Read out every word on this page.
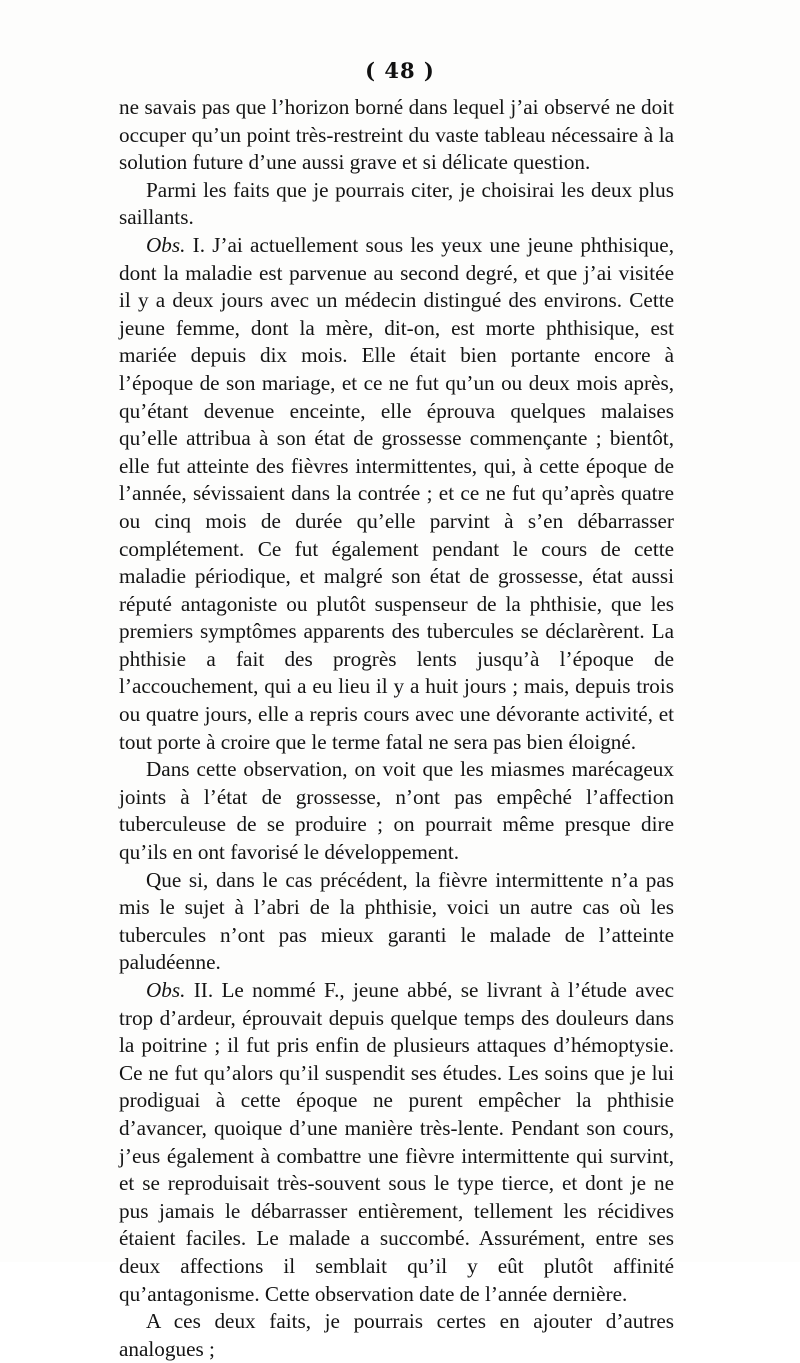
( 48 )

ne savais pas que l’horizon borné dans lequel j’ai observé ne doit occuper qu’un point très-restreint du vaste tableau nécessaire à la solution future d’une aussi grave et si délicate question.

Parmi les faits que je pourrais citer, je choisirai les deux plus saillants.

Obs. I. J’ai actuellement sous les yeux une jeune phthisique, dont la maladie est parvenue au second degré, et que j’ai visitée il y a deux jours avec un médecin distingué des environs. Cette jeune femme, dont la mère, dit-on, est morte phthisique, est mariée depuis dix mois. Elle était bien portante encore à l’époque de son mariage, et ce ne fut qu’un ou deux mois après, qu’étant devenue enceinte, elle éprouva quelques malaises qu’elle attribua à son état de grossesse commençante ; bientôt, elle fut atteinte des fièvres intermittentes, qui, à cette époque de l’année, sévissaient dans la contrée ; et ce ne fut qu’après quatre ou cinq mois de durée qu’elle parvint à s’en débarrasser complétement. Ce fut également pendant le cours de cette maladie périodique, et malgré son état de grossesse, état aussi réputé antagoniste ou plutôt suspenseur de la phthisie, que les premiers symptômes apparents des tubercules se déclarèrent. La phthisie a fait des progrès lents jusqu’à l’époque de l’accouchement, qui a eu lieu il y a huit jours ; mais, depuis trois ou quatre jours, elle a repris cours avec une dévorante activité, et tout porte à croire que le terme fatal ne sera pas bien éloigné.

Dans cette observation, on voit que les miasmes marécageux joints à l’état de grossesse, n’ont pas empêché l’affection tuberculeuse de se produire ; on pourrait même presque dire qu’ils en ont favorisé le développement.

Que si, dans le cas précédent, la fièvre intermittente n’a pas mis le sujet à l’abri de la phthisie, voici un autre cas où les tubercules n’ont pas mieux garanti le malade de l’atteinte paludéenne.

Obs. II. Le nommé F., jeune abbé, se livrant à l’étude avec trop d’ardeur, éprouvait depuis quelque temps des douleurs dans la poitrine ; il fut pris enfin de plusieurs attaques d’hémoptysie. Ce ne fut qu’alors qu’il suspendit ses études. Les soins que je lui prodiguai à cette époque ne purent empêcher la phthisie d’avancer, quoique d’une manière très-lente. Pendant son cours, j’eus également à combattre une fièvre intermittente qui survint, et se reproduisait très-souvent sous le type tierce, et dont je ne pus jamais le débarrasser entièrement, tellement les récidives étaient faciles. Le malade a succombé. Assurément, entre ses deux affections il semblait qu’il y eût plutôt affinité qu’antagonisme. Cette observation date de l’année dernière.

A ces deux faits, je pourrais certes en ajouter d’autres analogues ;
